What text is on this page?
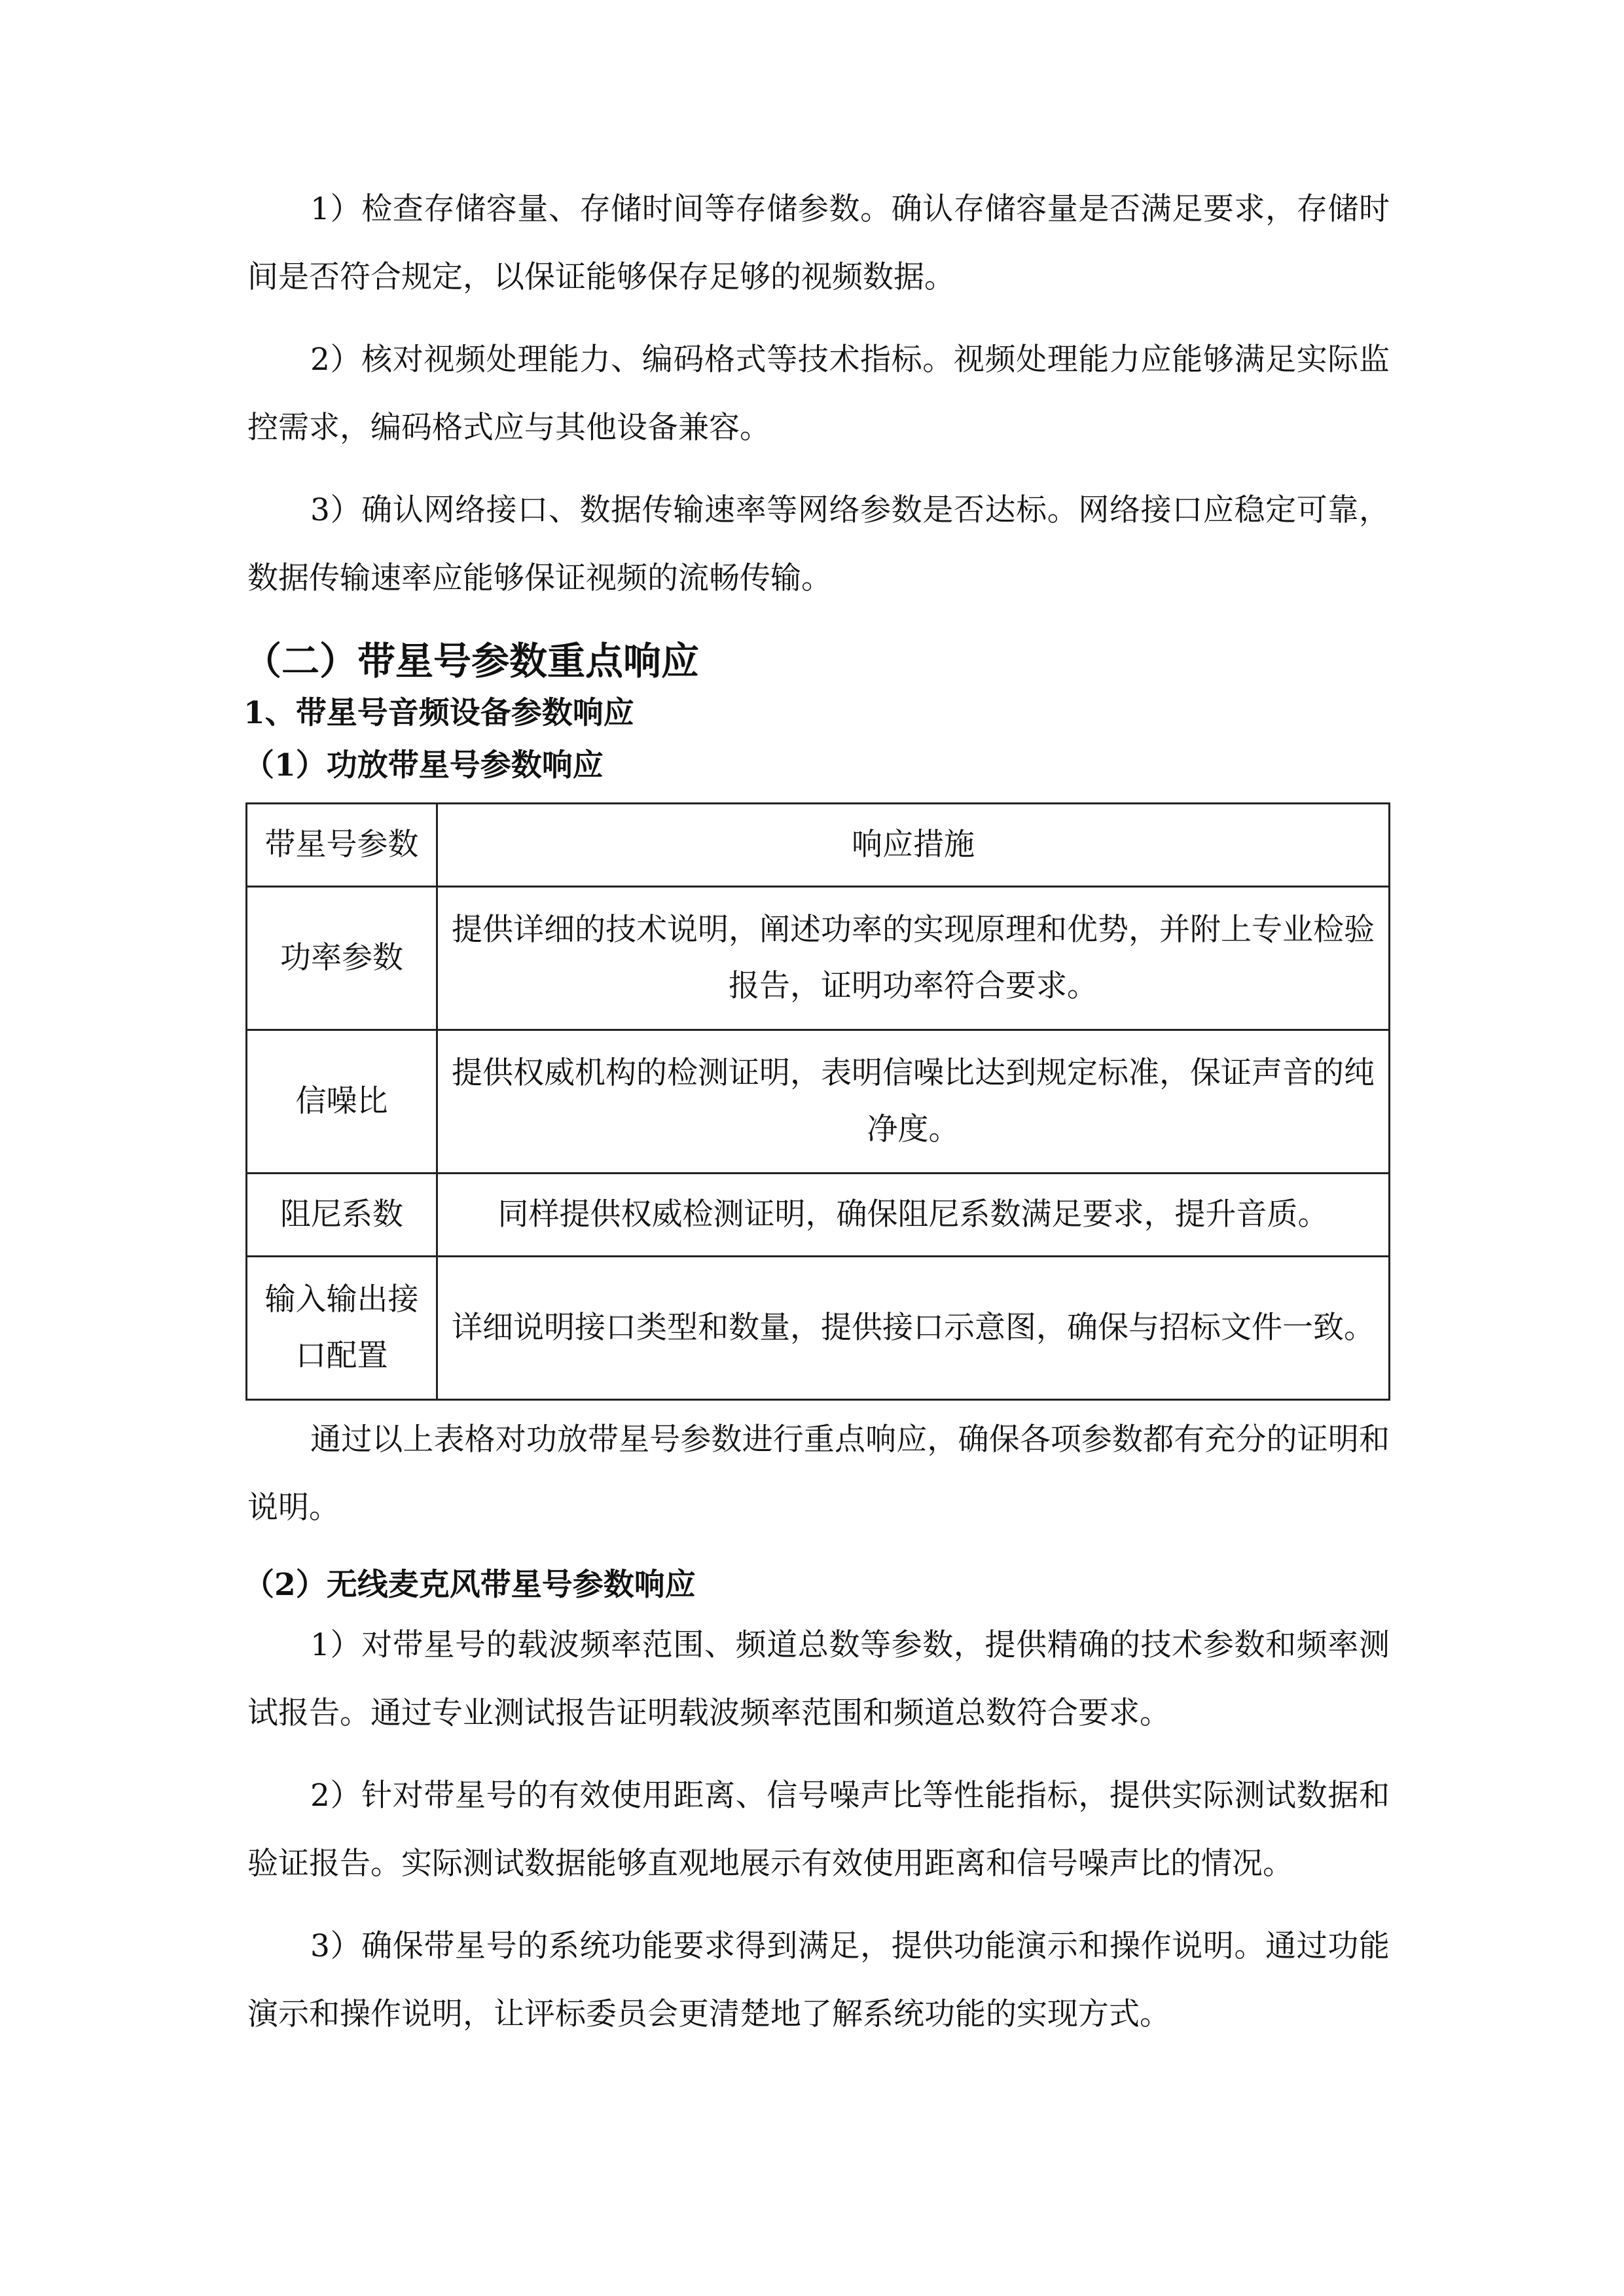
1）检查存储容量、存储时间等存储参数。确认存储容量是否满足要求，存储时间是否符合规定，以保证能够保存足够的视频数据。

2）核对视频处理能力、编码格式等技术指标。视频处理能力应能够满足实际监控需求，编码格式应与其他设备兼容。

3）确认网络接口、数据传输速率等网络参数是否达标。网络接口应稳定可靠，数据传输速率应能够保证视频的流畅传输。

（二）带星号参数重点响应
1、带星号音频设备参数响应
（1）功放带星号参数响应
带星号参数	响应措施
功率参数	提供详细的技术说明，阐述功率的实现原理和优势，并附上专业检验报告，证明功率符合要求。
信噪比	提供权威机构的检测证明，表明信噪比达到规定标准，保证声音的纯净度。
阻尼系数	同样提供权威检测证明，确保阻尼系数满足要求，提升音质。
输入输出接口配置	详细说明接口类型和数量，提供接口示意图，确保与招标文件一致。

通过以上表格对功放带星号参数进行重点响应，确保各项参数都有充分的证明和说明。

（2）无线麦克风带星号参数响应

1）对带星号的载波频率范围、频道总数等参数，提供精确的技术参数和频率测试报告。通过专业测试报告证明载波频率范围和频道总数符合要求。

2）针对带星号的有效使用距离、信号噪声比等性能指标，提供实际测试数据和验证报告。实际测试数据能够直观地展示有效使用距离和信号噪声比的情况。

3）确保带星号的系统功能要求得到满足，提供功能演示和操作说明。通过功能演示和操作说明，让评标委员会更清楚地了解系统功能的实现方式。
